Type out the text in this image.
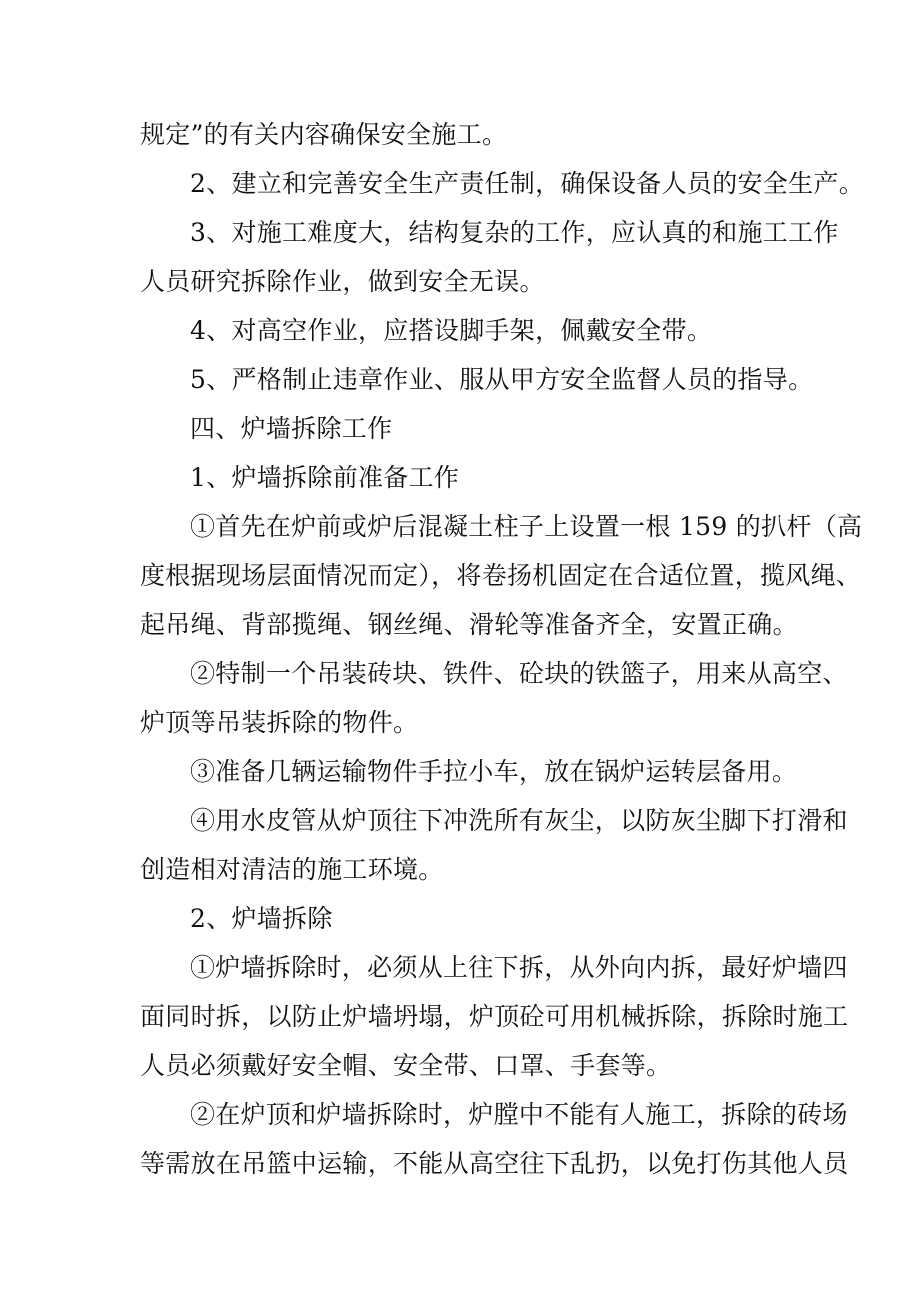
规定”的有关内容确保安全施工。
2、建立和完善安全生产责任制，确保设备人员的安全生产。
3、对施工难度大，结构复杂的工作，应认真的和施工工作
人员研究拆除作业，做到安全无误。
4、对高空作业，应搭设脚手架，佩戴安全带。
5、严格制止违章作业、服从甲方安全监督人员的指导。
四、炉墙拆除工作
1、炉墙拆除前准备工作
①首先在炉前或炉后混凝土柱子上设置一根 159 的扒杆（高
度根据现场层面情况而定），将卷扬机固定在合适位置，揽风绳、
起吊绳、背部揽绳、钢丝绳、滑轮等准备齐全，安置正确。
②特制一个吊装砖块、铁件、砼块的铁篮子，用来从高空、
炉顶等吊装拆除的物件。
③准备几辆运输物件手拉小车，放在锅炉运转层备用。
④用水皮管从炉顶往下冲洗所有灰尘，以防灰尘脚下打滑和
创造相对清洁的施工环境。
2、炉墙拆除
①炉墙拆除时，必须从上往下拆，从外向内拆，最好炉墙四
面同时拆，以防止炉墙坍塌，炉顶砼可用机械拆除，拆除时施工
人员必须戴好安全帽、安全带、口罩、手套等。
②在炉顶和炉墙拆除时，炉膛中不能有人施工，拆除的砖场
等需放在吊篮中运输，不能从高空往下乱扔，以免打伤其他人员
